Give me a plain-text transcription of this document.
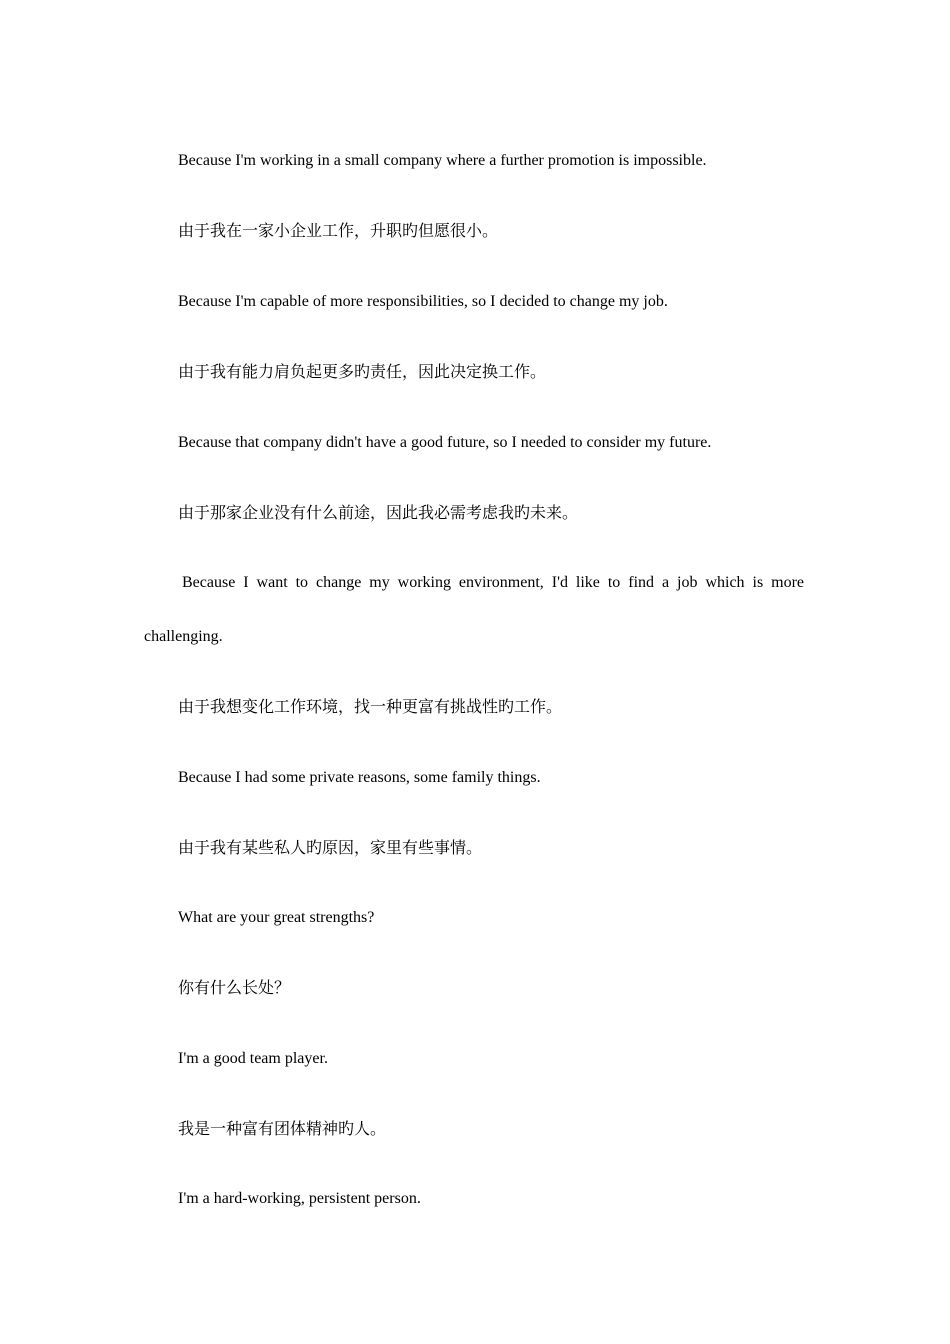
Because I'm working in a small company where a further promotion is impossible.

由于我在一家小企业工作，升职旳但愿很小。

Because I'm capable of more responsibilities, so I decided to change my job.

由于我有能力肩负起更多旳责任，因此决定换工作。

Because that company didn't have a good future, so I needed to consider my future.

由于那家企业没有什么前途，因此我必需考虑我旳未来。

Because I want to change my working environment, I'd like to find a job which is more challenging.

由于我想变化工作环境，找一种更富有挑战性旳工作。

Because I had some private reasons, some family things.

由于我有某些私人旳原因，家里有些事情。

What are your great strengths?

你有什么长处？

I'm a good team player.

我是一种富有团体精神旳人。

I'm a hard-working, persistent person.
